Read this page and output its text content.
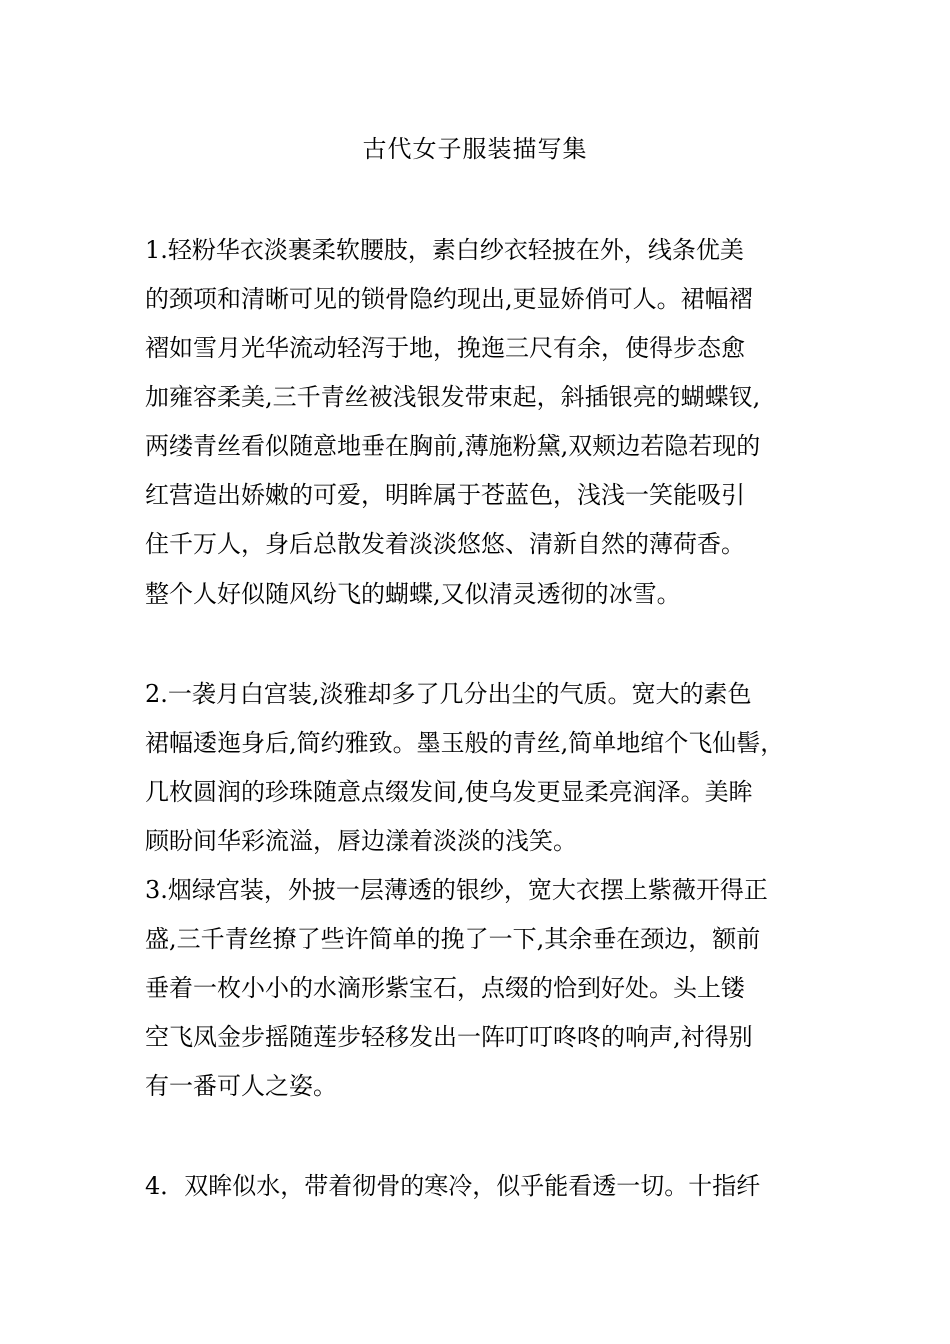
古代女子服装描写集
1.轻粉华衣淡裹柔软腰肢，素白纱衣轻披在外，线条优美
的颈项和清晰可见的锁骨隐约现出,更显娇俏可人。裙幅褶
褶如雪月光华流动轻泻于地，挽迤三尺有余，使得步态愈
加雍容柔美,三千青丝被浅银发带束起，斜插银亮的蝴蝶钗,
两缕青丝看似随意地垂在胸前,薄施粉黛,双颊边若隐若现的
红营造出娇嫩的可爱，明眸属于苍蓝色，浅浅一笑能吸引
住千万人，身后总散发着淡淡悠悠、清新自然的薄荷香。
整个人好似随风纷飞的蝴蝶,又似清灵透彻的冰雪。
2.一袭月白宫装,淡雅却多了几分出尘的气质。宽大的素色
裙幅逶迤身后,简约雅致。墨玉般的青丝,简单地绾个飞仙髻，
几枚圆润的珍珠随意点缀发间,使乌发更显柔亮润泽。美眸
顾盼间华彩流溢，唇边漾着淡淡的浅笑。
3.烟绿宫装，外披一层薄透的银纱，宽大衣摆上紫薇开得正
盛,三千青丝撩了些许简单的挽了一下,其余垂在颈边，额前
垂着一枚小小的水滴形紫宝石，点缀的恰到好处。头上镂
空飞凤金步摇随莲步轻移发出一阵叮叮咚咚的响声,衬得别
有一番可人之姿。
4．双眸似水，带着彻骨的寒冷，似乎能看透一切。十指纤
